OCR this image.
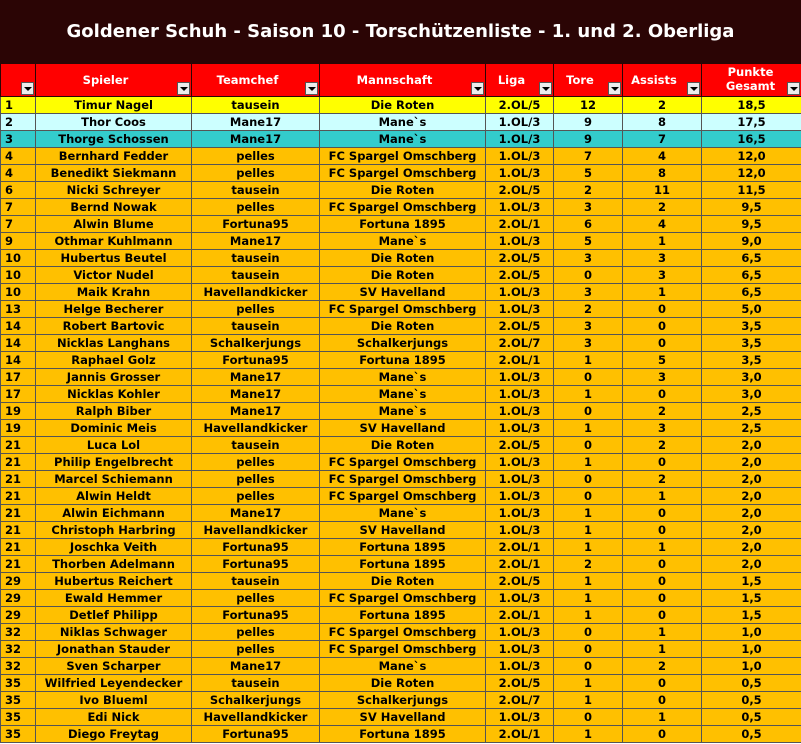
Goldener Schuh - Saison 10 - Torschützenliste - 1. und 2. Oberliga

	Spieler	Teamchef	Mannschaft	Liga	Tore	Assists	Punkte Gesamt

1	Timur Nagel	tausein	Die Roten	2.OL/5	12	2	18,5
2	Thor Coos	Mane17	Mane`s	1.OL/3	9	8	17,5
3	Thorge Schossen	Mane17	Mane`s	1.OL/3	9	7	16,5
4	Bernhard Fedder	pelles	FC Spargel Omschberg	1.OL/3	7	4	12,0
4	Benedikt Siekmann	pelles	FC Spargel Omschberg	1.OL/3	5	8	12,0
6	Nicki Schreyer	tausein	Die Roten	2.OL/5	2	11	11,5
7	Bernd Nowak	pelles	FC Spargel Omschberg	1.OL/3	3	2	9,5
7	Alwin Blume	Fortuna95	Fortuna 1895	2.OL/1	6	4	9,5
9	Othmar Kuhlmann	Mane17	Mane`s	1.OL/3	5	1	9,0
10	Hubertus Beutel	tausein	Die Roten	2.OL/5	3	3	6,5
10	Victor Nudel	tausein	Die Roten	2.OL/5	0	3	6,5
10	Maik Krahn	Havellandkicker	SV Havelland	1.OL/3	3	1	6,5
13	Helge Becherer	pelles	FC Spargel Omschberg	1.OL/3	2	0	5,0
14	Robert Bartovic	tausein	Die Roten	2.OL/5	3	0	3,5
14	Nicklas Langhans	Schalkerjungs	Schalkerjungs	2.OL/7	3	0	3,5
14	Raphael Golz	Fortuna95	Fortuna 1895	2.OL/1	1	5	3,5
17	Jannis Grosser	Mane17	Mane`s	1.OL/3	0	3	3,0
17	Nicklas Kohler	Mane17	Mane`s	1.OL/3	1	0	3,0
19	Ralph Biber	Mane17	Mane`s	1.OL/3	0	2	2,5
19	Dominic Meis	Havellandkicker	SV Havelland	1.OL/3	1	3	2,5
21	Luca Lol	tausein	Die Roten	2.OL/5	0	2	2,0
21	Philip Engelbrecht	pelles	FC Spargel Omschberg	1.OL/3	1	0	2,0
21	Marcel Schiemann	pelles	FC Spargel Omschberg	1.OL/3	0	2	2,0
21	Alwin Heldt	pelles	FC Spargel Omschberg	1.OL/3	0	1	2,0
21	Alwin Eichmann	Mane17	Mane`s	1.OL/3	1	0	2,0
21	Christoph Harbring	Havellandkicker	SV Havelland	1.OL/3	1	0	2,0
21	Joschka Veith	Fortuna95	Fortuna 1895	2.OL/1	1	1	2,0
21	Thorben Adelmann	Fortuna95	Fortuna 1895	2.OL/1	2	0	2,0
29	Hubertus Reichert	tausein	Die Roten	2.OL/5	1	0	1,5
29	Ewald Hemmer	pelles	FC Spargel Omschberg	1.OL/3	1	0	1,5
29	Detlef Philipp	Fortuna95	Fortuna 1895	2.OL/1	1	0	1,5
32	Niklas Schwager	pelles	FC Spargel Omschberg	1.OL/3	0	1	1,0
32	Jonathan Stauder	pelles	FC Spargel Omschberg	1.OL/3	0	1	1,0
32	Sven Scharper	Mane17	Mane`s	1.OL/3	0	2	1,0
35	Wilfried Leyendecker	tausein	Die Roten	2.OL/5	1	0	0,5
35	Ivo Blueml	Schalkerjungs	Schalkerjungs	2.OL/7	1	0	0,5
35	Edi Nick	Havellandkicker	SV Havelland	1.OL/3	0	1	0,5
35	Diego Freytag	Fortuna95	Fortuna 1895	2.OL/1	1	0	0,5
